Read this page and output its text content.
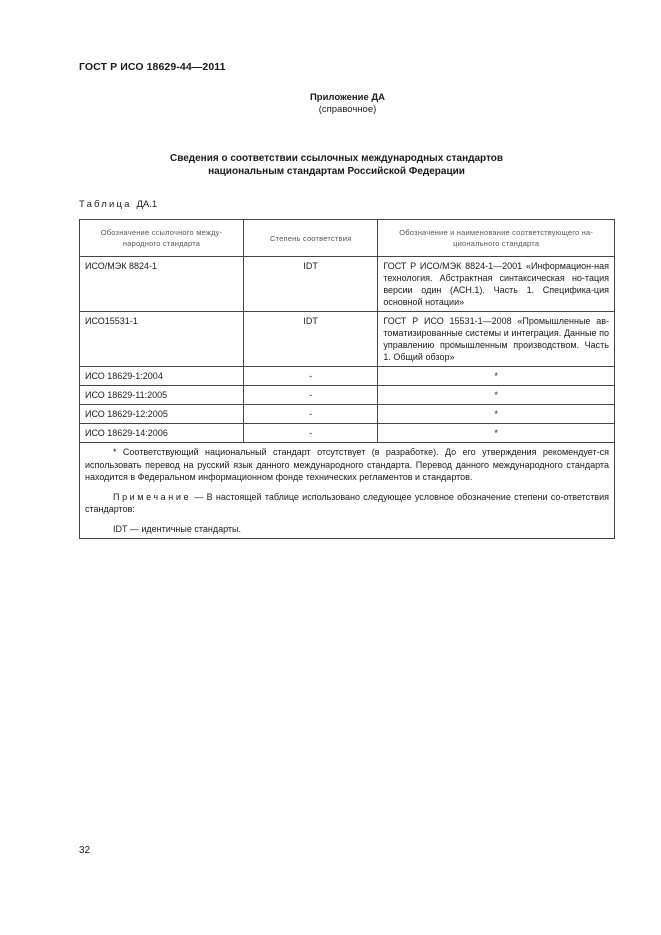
ГОСТ Р ИСО 18629-44—2011
Приложение ДА
(справочное)
Сведения о соответствии ссылочных международных стандартов
национальным стандартам Российской Федерации
Таблица ДА.1
Обозначение ссылочного между-народного стандарта	Степень соответствия	Обозначение и наименование соответствующего на-ционального стандарта
ИСО/МЭК 8824-1	IDT	ГОСТ Р ИСО/МЭК 8824-1—2001 «Информацион-ная технология. Абстрактная синтаксическая но-тация версии один (АСН.1). Часть 1. Специфика-ция основной нотации»
ИСО15531-1	IDT	ГОСТ Р ИСО 15531-1—2008 «Промышленные ав-томатизированные системы и интеграция. Данные по управлению промышленным производством. Часть 1. Общий обзор»
ИСО 18629-1:2004	-	*
ИСО 18629-11:2005	-	*
ИСО 18629-12:2005	-	*
ИСО 18629-14:2006	-	*

* Соответствующий национальный стандарт отсутствует (в разработке). До его утверждения рекомендует-ся использовать перевод на русский язык данного международного стандарта. Перевод данного международного стандарта находится в Федеральном информационном фонде технических регламентов и стандартов.

Примечание — В настоящей таблице использовано следующее условное обозначение степени со-ответствия стандартов:

IDT — идентичные стандарты.		

32
